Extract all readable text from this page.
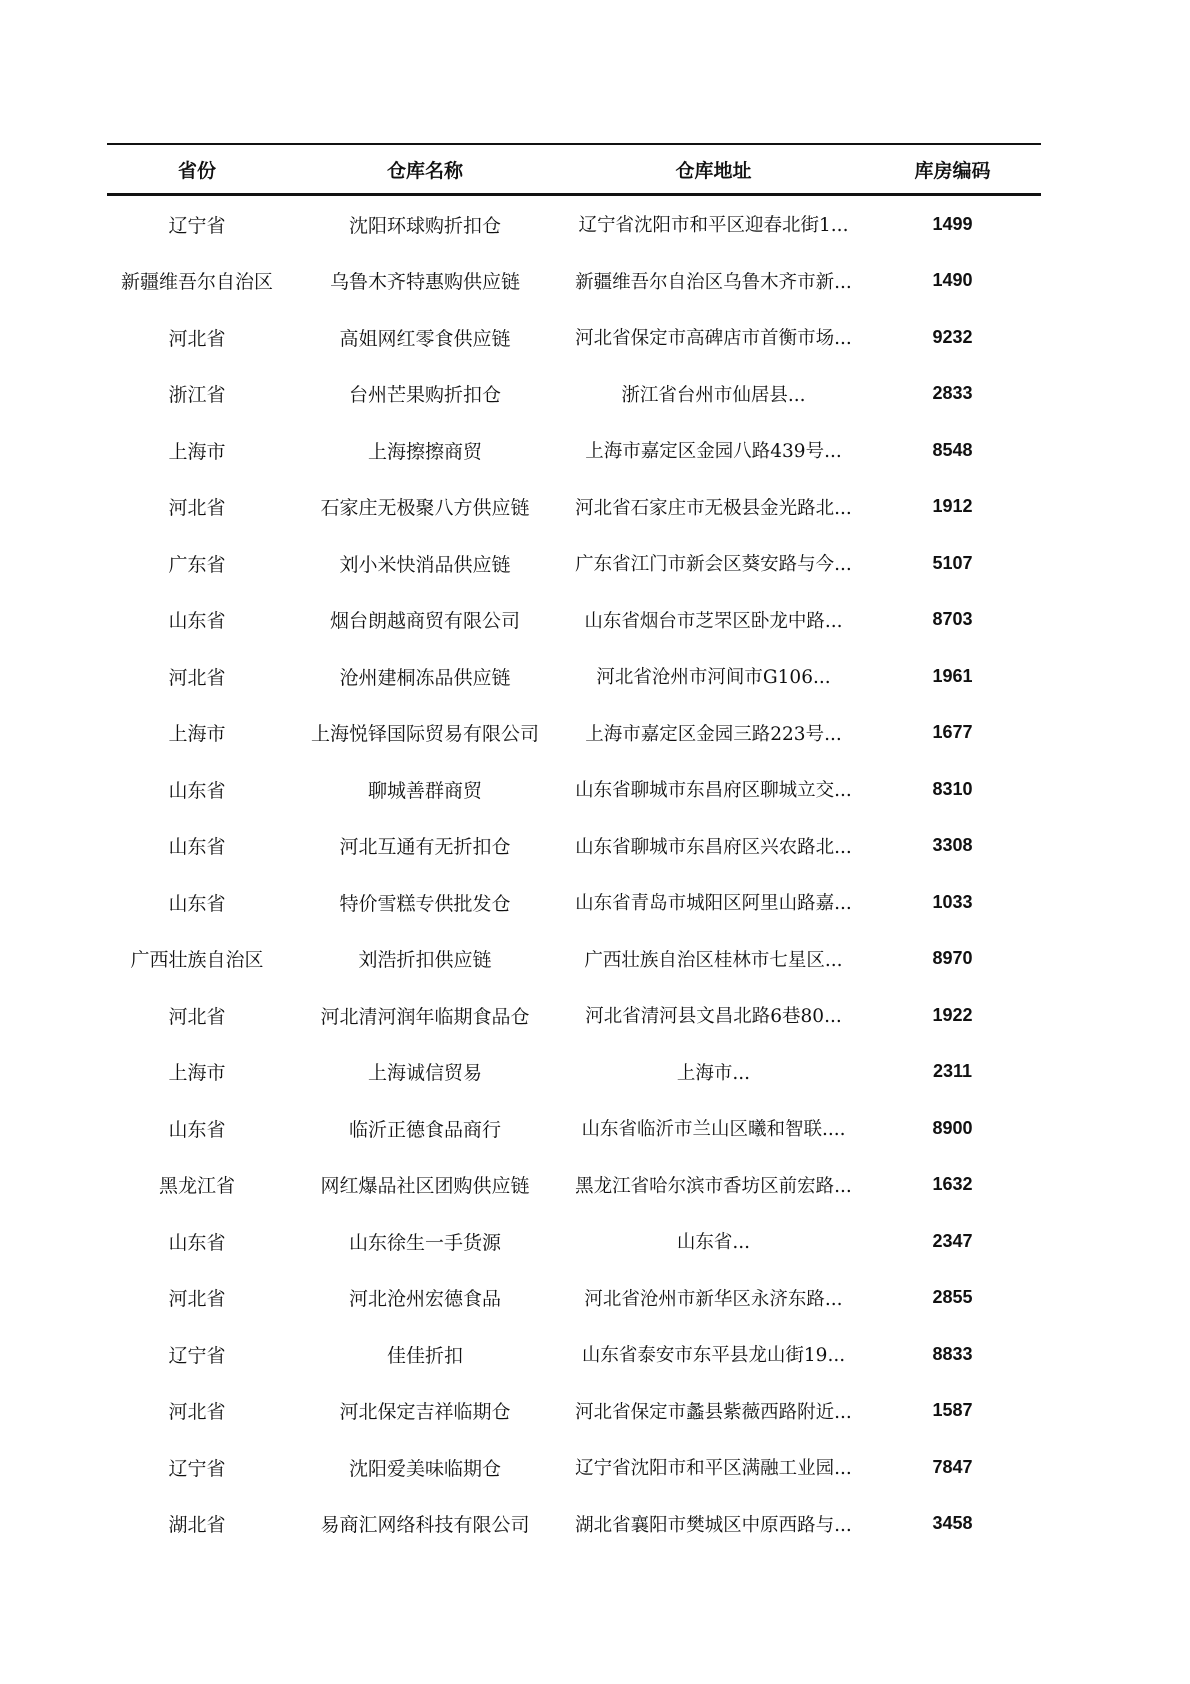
省份	仓库名称	仓库地址	库房编码
辽宁省	沈阳环球购折扣仓	辽宁省沈阳市和平区迎春北街1...	1499
新疆维吾尔自治区	乌鲁木齐特惠购供应链	新疆维吾尔自治区乌鲁木齐市新...	1490
河北省	高姐网红零食供应链	河北省保定市高碑店市首衡市场...	9232
浙江省	台州芒果购折扣仓	浙江省台州市仙居县...	2833
上海市	上海擦擦商贸	上海市嘉定区金园八路439号...	8548
河北省	石家庄无极聚八方供应链	河北省石家庄市无极县金光路北...	1912
广东省	刘小米快消品供应链	广东省江门市新会区葵安路与今...	5107
山东省	烟台朗越商贸有限公司	山东省烟台市芝罘区卧龙中路...	8703
河北省	沧州建桐冻品供应链	河北省沧州市河间市G106...	1961
上海市	上海悦铎国际贸易有限公司	上海市嘉定区金园三路223号...	1677
山东省	聊城善群商贸	山东省聊城市东昌府区聊城立交...	8310
山东省	河北互通有无折扣仓	山东省聊城市东昌府区兴农路北...	3308
山东省	特价雪糕专供批发仓	山东省青岛市城阳区阿里山路嘉...	1033
广西壮族自治区	刘浩折扣供应链	广西壮族自治区桂林市七星区...	8970
河北省	河北清河润年临期食品仓	河北省清河县文昌北路6巷80...	1922
上海市	上海诚信贸易	上海市...	2311
山东省	临沂正德食品商行	山东省临沂市兰山区曦和智联....	8900
黑龙江省	网红爆品社区团购供应链	黑龙江省哈尔滨市香坊区前宏路...	1632
山东省	山东徐生一手货源	山东省...	2347
河北省	河北沧州宏德食品	河北省沧州市新华区永济东路...	2855
辽宁省	佳佳折扣	山东省泰安市东平县龙山街19...	8833
河北省	河北保定吉祥临期仓	河北省保定市蠡县紫薇西路附近...	1587
辽宁省	沈阳爱美味临期仓	辽宁省沈阳市和平区满融工业园...	7847
湖北省	易商汇网络科技有限公司	湖北省襄阳市樊城区中原西路与...	3458
